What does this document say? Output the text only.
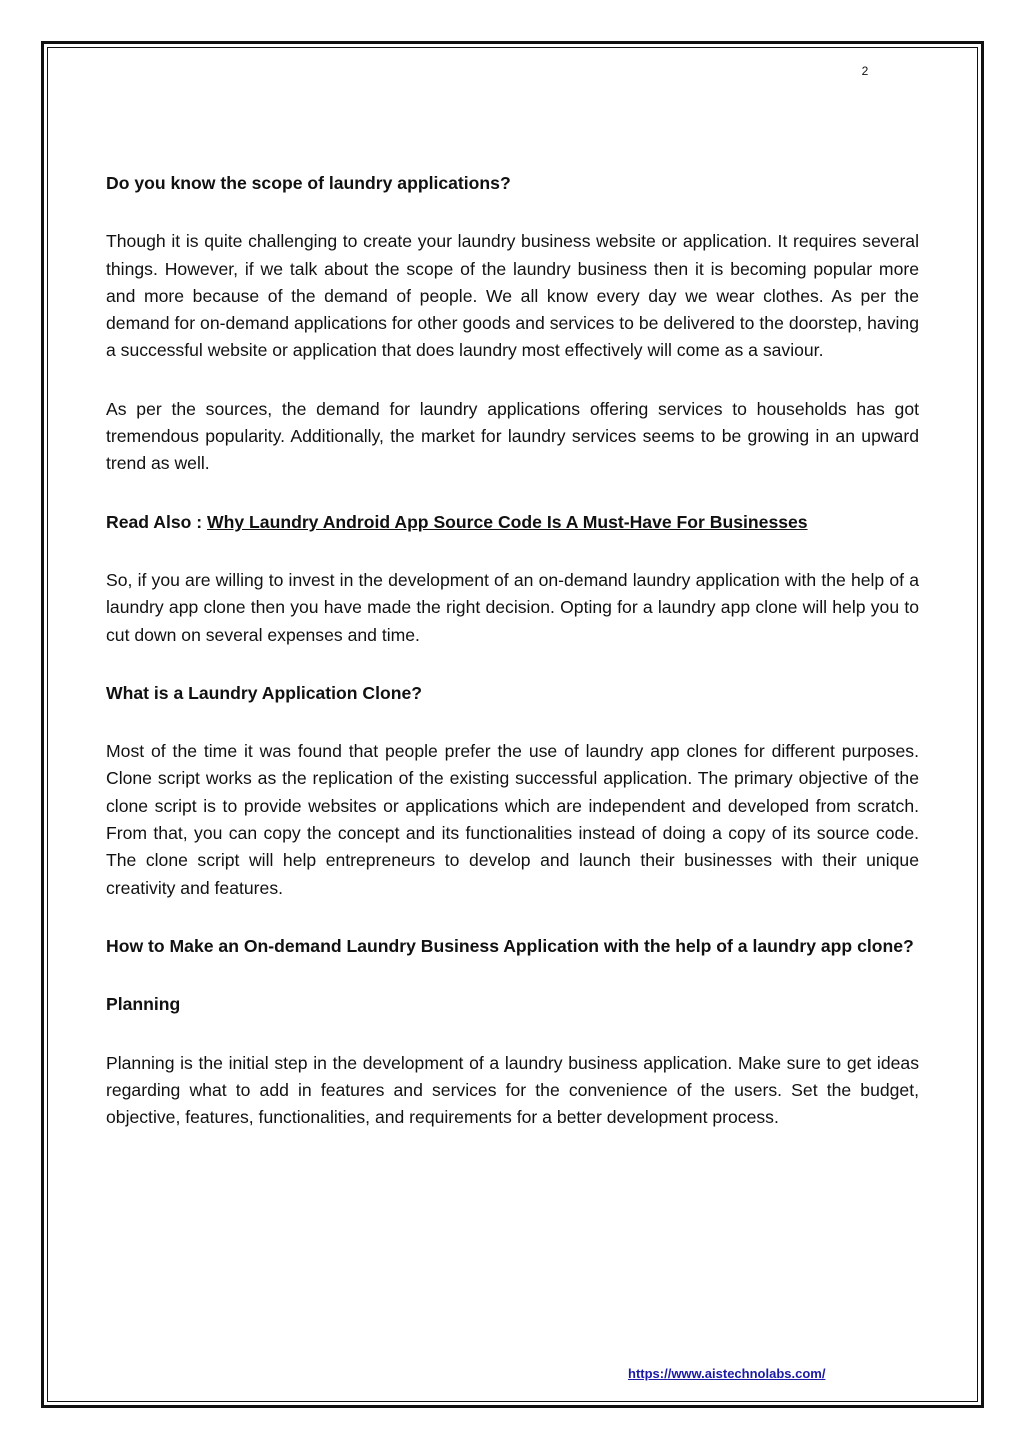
2

Do you know the scope of laundry applications?

Though it is quite challenging to create your laundry business website or application. It requires several things. However, if we talk about the scope of the laundry business then it is becoming popular more and more because of the demand of people. We all know every day we wear clothes. As per the demand for on-demand applications for other goods and services to be delivered to the doorstep, having a successful website or application that does laundry most effectively will come as a saviour.

As per the sources, the demand for laundry applications offering services to households has got tremendous popularity. Additionally, the market for laundry services seems to be growing in an upward trend as well.

Read Also : Why Laundry Android App Source Code Is A Must-Have For Businesses

So, if you are willing to invest in the development of an on-demand laundry application with the help of a laundry app clone then you have made the right decision. Opting for a laundry app clone will help you to cut down on several expenses and time.

What is a Laundry Application Clone?

Most of the time it was found that people prefer the use of laundry app clones for different purposes. Clone script works as the replication of the existing successful application. The primary objective of the clone script is to provide websites or applications which are independent and developed from scratch. From that, you can copy the concept and its functionalities instead of doing a copy of its source code. The clone script will help entrepreneurs to develop and launch their businesses with their unique creativity and features.

How to Make an On-demand Laundry Business Application with the help of a laundry app clone?

Planning

Planning is the initial step in the development of a laundry business application. Make sure to get ideas regarding what to add in features and services for the convenience of the users. Set the budget, objective, features, functionalities, and requirements for a better development process.

https://www.aistechnolabs.com/
